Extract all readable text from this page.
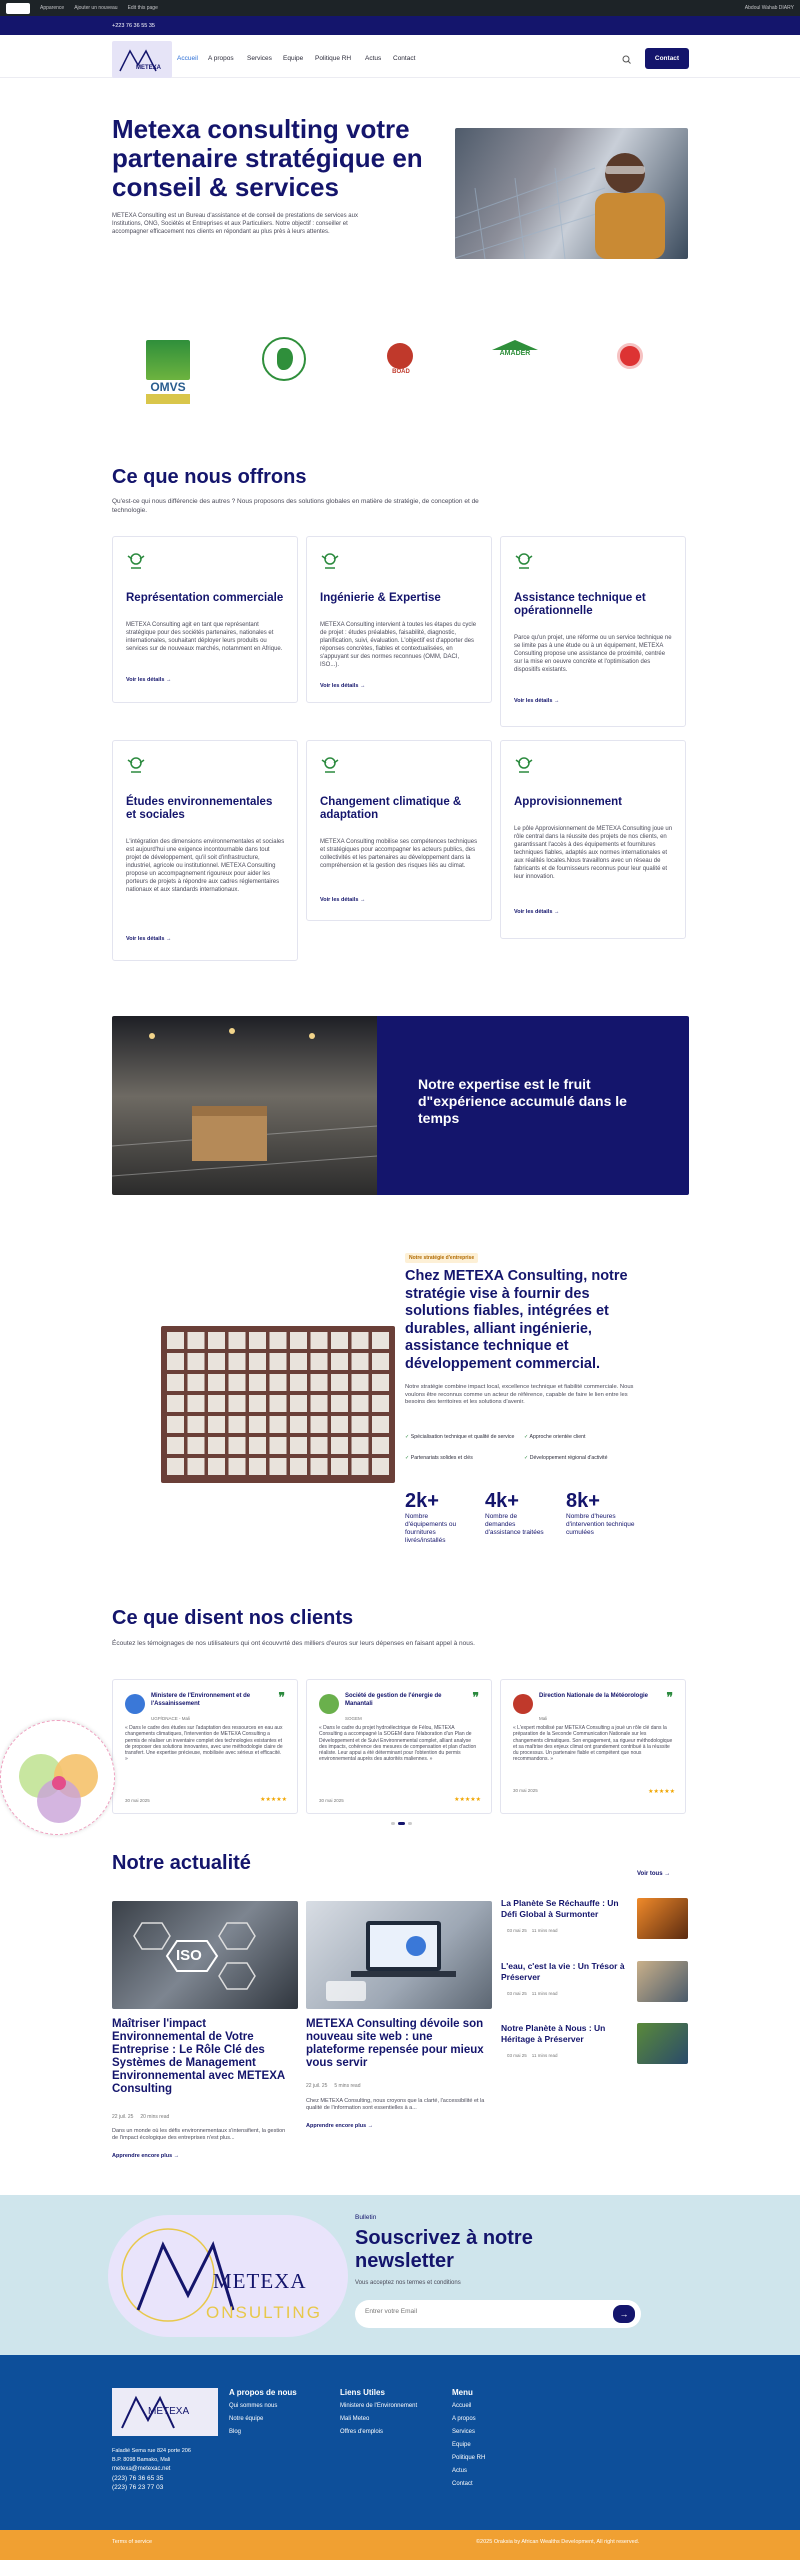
Apparence Ajouter un nouveau Edit this page	Abdoul Wahab DIARY
+223 76 36 55 35
METEXA
Accueil A propos Services Equipe Politique RH Actus Contact	Contact
Metexa consulting votre partenaire stratégique en conseil & services
METEXA Consulting est un Bureau d'assistance et de conseil de prestations de services aux Institutions, ONG, Sociétés et Entreprises et aux Particuliers. Notre objectif : conseiller et accompagner efficacement nos clients en répondant au plus près à leurs attentes.
OMVS
BOAD
AMADER
Ce que nous offrons
Qu'est-ce qui nous différencie des autres ? Nous proposons des solutions globales en matière de stratégie, de conception et de technologie.
Représentation commerciale

METEXA Consulting agit en tant que représentant stratégique pour des sociétés partenaires, nationales et internationales, souhaitant déployer leurs produits ou services sur de nouveaux marchés, notamment en Afrique.

Voir les détails →
Ingénierie & Expertise

METEXA Consulting intervient à toutes les étapes du cycle de projet : études préalables, faisabilité, diagnostic, planification, suivi, évaluation. L'objectif est d'apporter des réponses concrètes, fiables et contextualisées, en s'appuyant sur des normes reconnues (OMM, DACI, ISO...).

Voir les détails →
Assistance technique et opérationnelle

Parce qu'un projet, une réforme ou un service technique ne se limite pas à une étude ou à un équipement, METEXA Consulting propose une assistance de proximité, centrée sur la mise en oeuvre concrète et l'optimisation des dispositifs existants.

Voir les détails →
Études environnementales et sociales

L'intégration des dimensions environnementales et sociales est aujourd'hui une exigence incontournable dans tout projet de développement, qu'il soit d'infrastructure, industriel, agricole ou institutionnel. METEXA Consulting propose un accompagnement rigoureux pour aider les porteurs de projets à répondre aux cadres réglementaires nationaux et aux standards internationaux.

Voir les détails →
Changement climatique & adaptation

METEXA Consulting mobilise ses compétences techniques et stratégiques pour accompagner les acteurs publics, des collectivités et les partenaires au développement dans la compréhension et la gestion des risques liés au climat.

Voir les détails →
Approvisionnement

Le pôle Approvisionnement de METEXA Consulting joue un rôle central dans la réussite des projets de nos clients, en garantissant l'accès à des équipements et fournitures techniques fiables, adaptés aux normes internationales et aux réalités locales.Nous travaillons avec un réseau de fabricants et de fournisseurs reconnus pour leur qualité et leur innovation.

Voir les détails →
Notre expertise est le fruit d"expérience accumulé dans le temps
Notre stratégie d'entreprise
Chez METEXA Consulting, notre stratégie vise à fournir des solutions fiables, intégrées et durables, alliant ingénierie, assistance technique et développement commercial.
Notre stratégie combine impact local, excellence technique et fiabilité commerciale. Nous voulons être reconnus comme un acteur de référence, capable de faire le lien entre les besoins des territoires et les solutions d'avenir.
✓ Spécialisation technique et qualité de service	✓ Approche orientée client
✓ Partenariats solides et clés	✓ Développement régional d'activité
2k+
Nombre d'équipements ou fournitures livrés/installés
4k+
Nombre de demandes d'assistance traitées
8k+
Nombre d'heures d'intervention technique cumulées
Ce que disent nos clients
Écoutez les témoignages de nos utilisateurs qui ont écouvvrté des milliers d'euros sur leurs dépenses en faisant appel à nous.
Ministere de l'Environnement et de l'Assainissement
UGP/DNACE - Mali
❞
« Dans le cadre des études sur l'adaptation des ressources en eau aux changements climatiques, l'intervention de METEXA Consulting a permis de réaliser un inventaire complet des technologies existantes et de proposer des solutions innovantes, avec une méthodologie claire de transfert. Une expertise précieuse, mobilisée avec sérieux et efficacité. »
30 mai 2025	★★★★★
Société de gestion de l'énergie de Manantali
SOGEM
❞
« Dans le cadre du projet hydroélectrique de Félou, METEXA Consulting a accompagné la SOGEM dans l'élaboration d'un Plan de Développement et de Suivi Environnemental complet, alliant analyse des impacts, cohérence des mesures de compensation et plan d'action réaliste. Leur appui a été déterminant pour l'obtention du permis environnemental auprès des autorités maliennes. »
30 mai 2025	★★★★★
Direction Nationale de la Météorologie
Mali
❞
« L'expert mobilisé par METEXA Consulting a joué un rôle clé dans la préparation de la Seconde Communication Nationale sur les changements climatiques. Son engagement, sa rigueur méthodologique et sa maîtrise des enjeux climat ont grandement contribué à la réussite du processus. Un partenaire fiable et compétent que nous recommandons. »
30 mai 2025	★★★★★
Notre actualité	Voir tous →
ISO
Maîtriser l'impact Environnemental de Votre Entreprise : Le Rôle Clé des Systèmes de Management Environnemental avec METEXA Consulting
22 juil. 25 20 mins read
Dans un monde où les défis environnementaux s'intensifient, la gestion de l'impact écologique des entreprises n'est plus...
Apprendre encore plus →
METEXA Consulting dévoile son nouveau site web : une plateforme repensée pour mieux vous servir
22 juil. 25 5 mins read
Chez METEXA Consulting, nous croyons que la clarté, l'accessibilité et la qualité de l'information sont essentielles à a...
Apprendre encore plus →
La Planète Se Réchauffe : Un Défi Global à Surmonter
03 mai 25 11 mins read
L'eau, c'est la vie : Un Trésor à Préserver
03 mai 25 11 mins read
Notre Planète à Nous : Un Héritage à Préserver
03 mai 25 11 mins read
METEXA
ONSULTING
Bulletin
Souscrivez à notre newsletter
Vous acceptez nos termes et conditions
Entrer votre Email
→
METEXA
Faladié Sema rue 824 porte 206
B.P. 8098 Bamako, Mali
metexa@metexac.net
(223) 76 36 65 35
(223) 76 23 77 03
A propos de nous
Qui sommes nous
Notre équipe
Blog
Liens Utiles
Ministere de l'Environnement
Mali Meteo
Offres d'emplois
Menu
Accueil
A propos
Services
Equipe
Politique RH
Actus
Contact
Terms of service	©2025 Oraksia by African Wealths Development, All right reserved.
